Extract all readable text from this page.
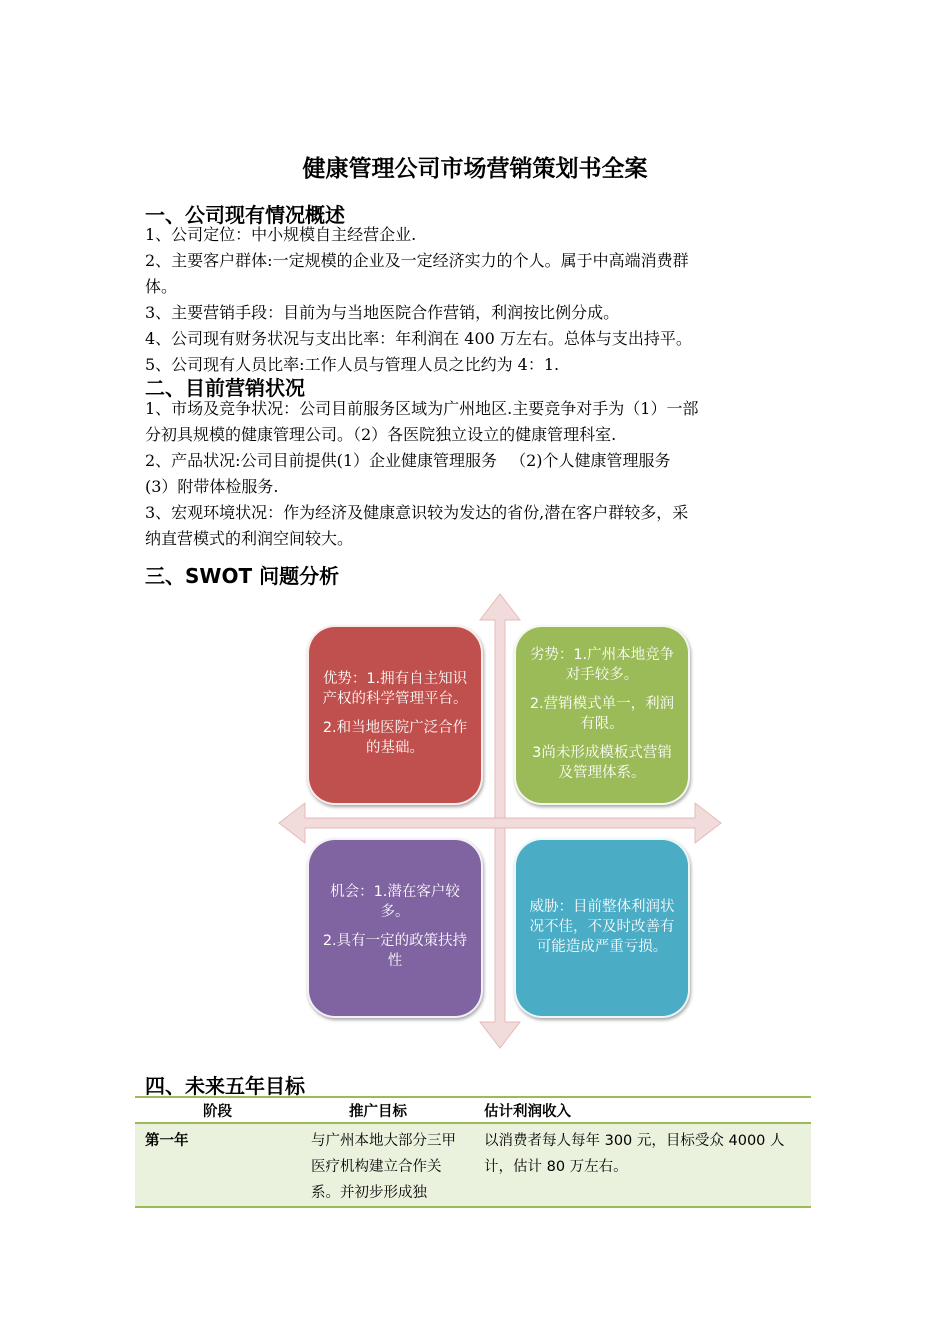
健康管理公司市场营销策划书全案
一、公司现有情况概述
1、公司定位：中小规模自主经营企业.
2、主要客户群体:一定规模的企业及一定经济实力的个人。属于中高端消费群
体。
3、主要营销手段：目前为与当地医院合作营销，利润按比例分成。
4、公司现有财务状况与支出比率：年利润在 400 万左右。总体与支出持平。
5、公司现有人员比率:工作人员与管理人员之比约为 4：1.
二、目前营销状况
1、市场及竞争状况：公司目前服务区域为广州地区.主要竞争对手为（1）一部
分初具规模的健康管理公司。（2）各医院独立设立的健康管理科室.
2、产品状况:公司目前提供(1）企业健康管理服务 　（2)个人健康管理服务
(3）附带体检服务.
3、宏观环境状况：作为经济及健康意识较为发达的省份,潜在客户群较多，采
纳直营模式的利润空间较大。
三、SWOT 问题分析

优势：1.拥有自主知识产权的科学管理平台。

2.和当地医院广泛合作的基础。

劣势：1.广州本地竞争对手较多。

2.营销模式单一，利润有限。

3尚未形成模板式营销及管理体系。

机会：1.潜在客户较多。

2.具有一定的政策扶持性

威胁：目前整体利润状况不佳，不及时改善有可能造成严重亏损。

四、未来五年目标
阶段	推广目标	估计利润收入
第一年	与广州本地大部分三甲医疗机构建立合作关系。并初步形成独	以消费者每人每年 300 元，目标受众 4000 人计，估计 80 万左右。
